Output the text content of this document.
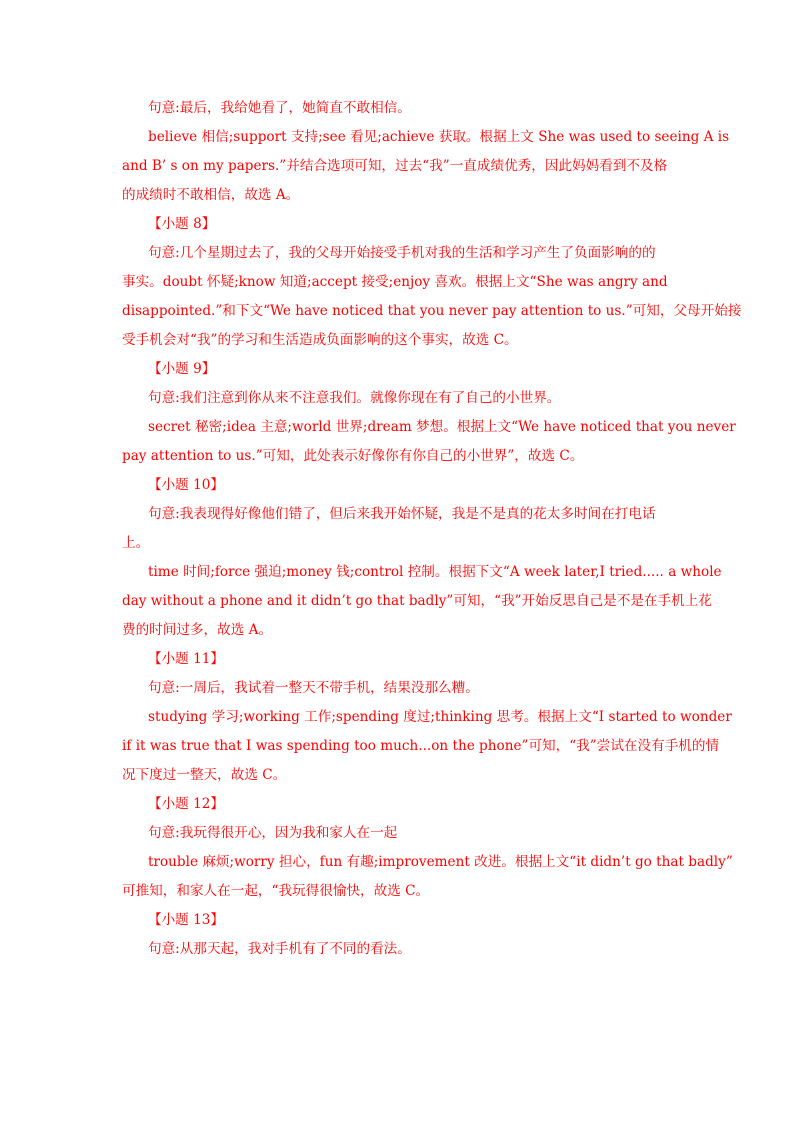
句意:最后，我给她看了，她简直不敢相信。
believe 相信;support 支持;see 看见;achieve 获取。根据上文 She was used to seeing A is
and B’ s on my papers.”并结合选项可知，过去“我”一直成绩优秀，因此妈妈看到不及格
的成绩时不敢相信，故选 A。
【小题 8】
句意:几个星期过去了，我的父母开始接受手机对我的生活和学习产生了负面影响的的
事实。doubt 怀疑;know 知道;accept 接受;enjoy 喜欢。根据上文“She was angry and
disappointed.”和下文“We have noticed that you never pay attention to us.”可知，父母开始接
受手机会对“我”的学习和生活造成负面影响的这个事实，故选 C。
【小题 9】
句意:我们注意到你从来不注意我们。就像你现在有了自己的小世界。
secret 秘密;idea 主意;world 世界;dream 梦想。根据上文“We have noticed that you never
pay attention to us.”可知，此处表示好像你有你自己的小世界”，故选 C。
【小题 10】
句意:我表现得好像他们错了，但后来我开始怀疑，我是不是真的花太多时间在打电话
上。
time 时间;force 强迫;money 钱;control 控制。根据下文“A week later,I tried..... a whole
day without a phone and it didn’t go that badly”可知，“我”开始反思自己是不是在手机上花
费的时间过多，故选 A。
【小题 11】
句意:一周后，我试着一整天不带手机，结果没那么糟。
studying 学习;working 工作;spending 度过;thinking 思考。根据上文“I started to wonder
if it was true that I was spending too much...on the phone”可知，“我”尝试在没有手机的情
况下度过一整天，故选 C。
【小题 12】
句意:我玩得很开心，因为我和家人在一起
trouble 麻烦;worry 担心，fun 有趣;improvement 改进。根据上文“it didn’t go that badly”
可推知，和家人在一起，“我玩得很愉快，故选 C。
【小题 13】
句意:从那天起，我对手机有了不同的看法。
